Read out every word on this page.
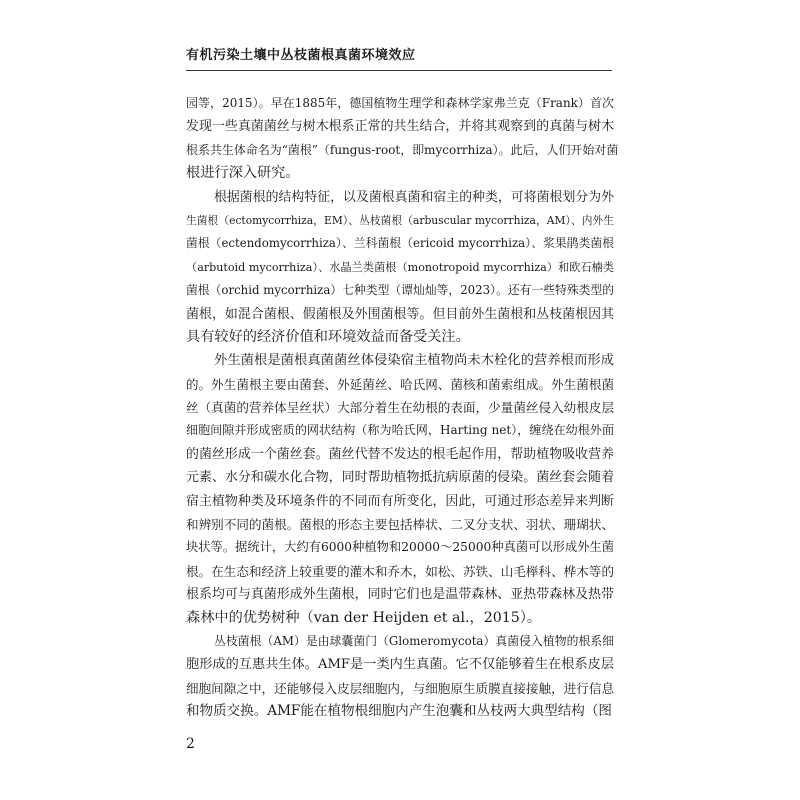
有机污染土壤中丛枝菌根真菌环境效应
园等，2015）。早在1885年，德国植物生理学和森林学家弗兰克（Frank）首次
发现一些真菌菌丝与树木根系正常的共生结合，并将其观察到的真菌与树木
根系共生体命名为“菌根”（fungus-root，即mycorrhiza）。此后，人们开始对菌
根进行深入研究。
根据菌根的结构特征，以及菌根真菌和宿主的种类，可将菌根划分为外
生菌根（ectomycorrhiza，EM）、丛枝菌根（arbuscular mycorrhiza，AM）、内外生
菌根（ectendomycorrhiza）、兰科菌根（ericoid mycorrhiza）、浆果鹃类菌根
（arbutoid mycorrhiza）、水晶兰类菌根（monotropoid mycorrhiza）和欧石楠类
菌根（orchid mycorrhiza）七种类型（谭灿灿等，2023）。还有一些特殊类型的
菌根，如混合菌根、假菌根及外围菌根等。但目前外生菌根和丛枝菌根因其
具有较好的经济价值和环境效益而备受关注。
外生菌根是菌根真菌菌丝体侵染宿主植物尚未木栓化的营养根而形成
的。外生菌根主要由菌套、外延菌丝、哈氏网、菌核和菌索组成。外生菌根菌
丝（真菌的营养体呈丝状）大部分着生在幼根的表面，少量菌丝侵入幼根皮层
细胞间隙并形成密质的网状结构（称为哈氏网，Harting net），缠绕在幼根外面
的菌丝形成一个菌丝套。菌丝代替不发达的根毛起作用，帮助植物吸收营养
元素、水分和碳水化合物，同时帮助植物抵抗病原菌的侵染。菌丝套会随着
宿主植物种类及环境条件的不同而有所变化，因此，可通过形态差异来判断
和辨别不同的菌根。菌根的形态主要包括棒状、二叉分支状、羽状、珊瑚状、
块状等。据统计，大约有6000种植物和20000～25000种真菌可以形成外生菌
根。在生态和经济上较重要的灌木和乔木，如松、苏铁、山毛榉科、桦木等的
根系均可与真菌形成外生菌根，同时它们也是温带森林、亚热带森林及热带
森林中的优势树种（van der Heijden et al.，2015）。
丛枝菌根（AM）是由球囊菌门（Glomeromycota）真菌侵入植物的根系细
胞形成的互惠共生体。AMF是一类内生真菌。它不仅能够着生在根系皮层
细胞间隙之中，还能够侵入皮层细胞内，与细胞原生质膜直接接触，进行信息
和物质交换。AMF能在植物根细胞内产生泡囊和丛枝两大典型结构（图
2
